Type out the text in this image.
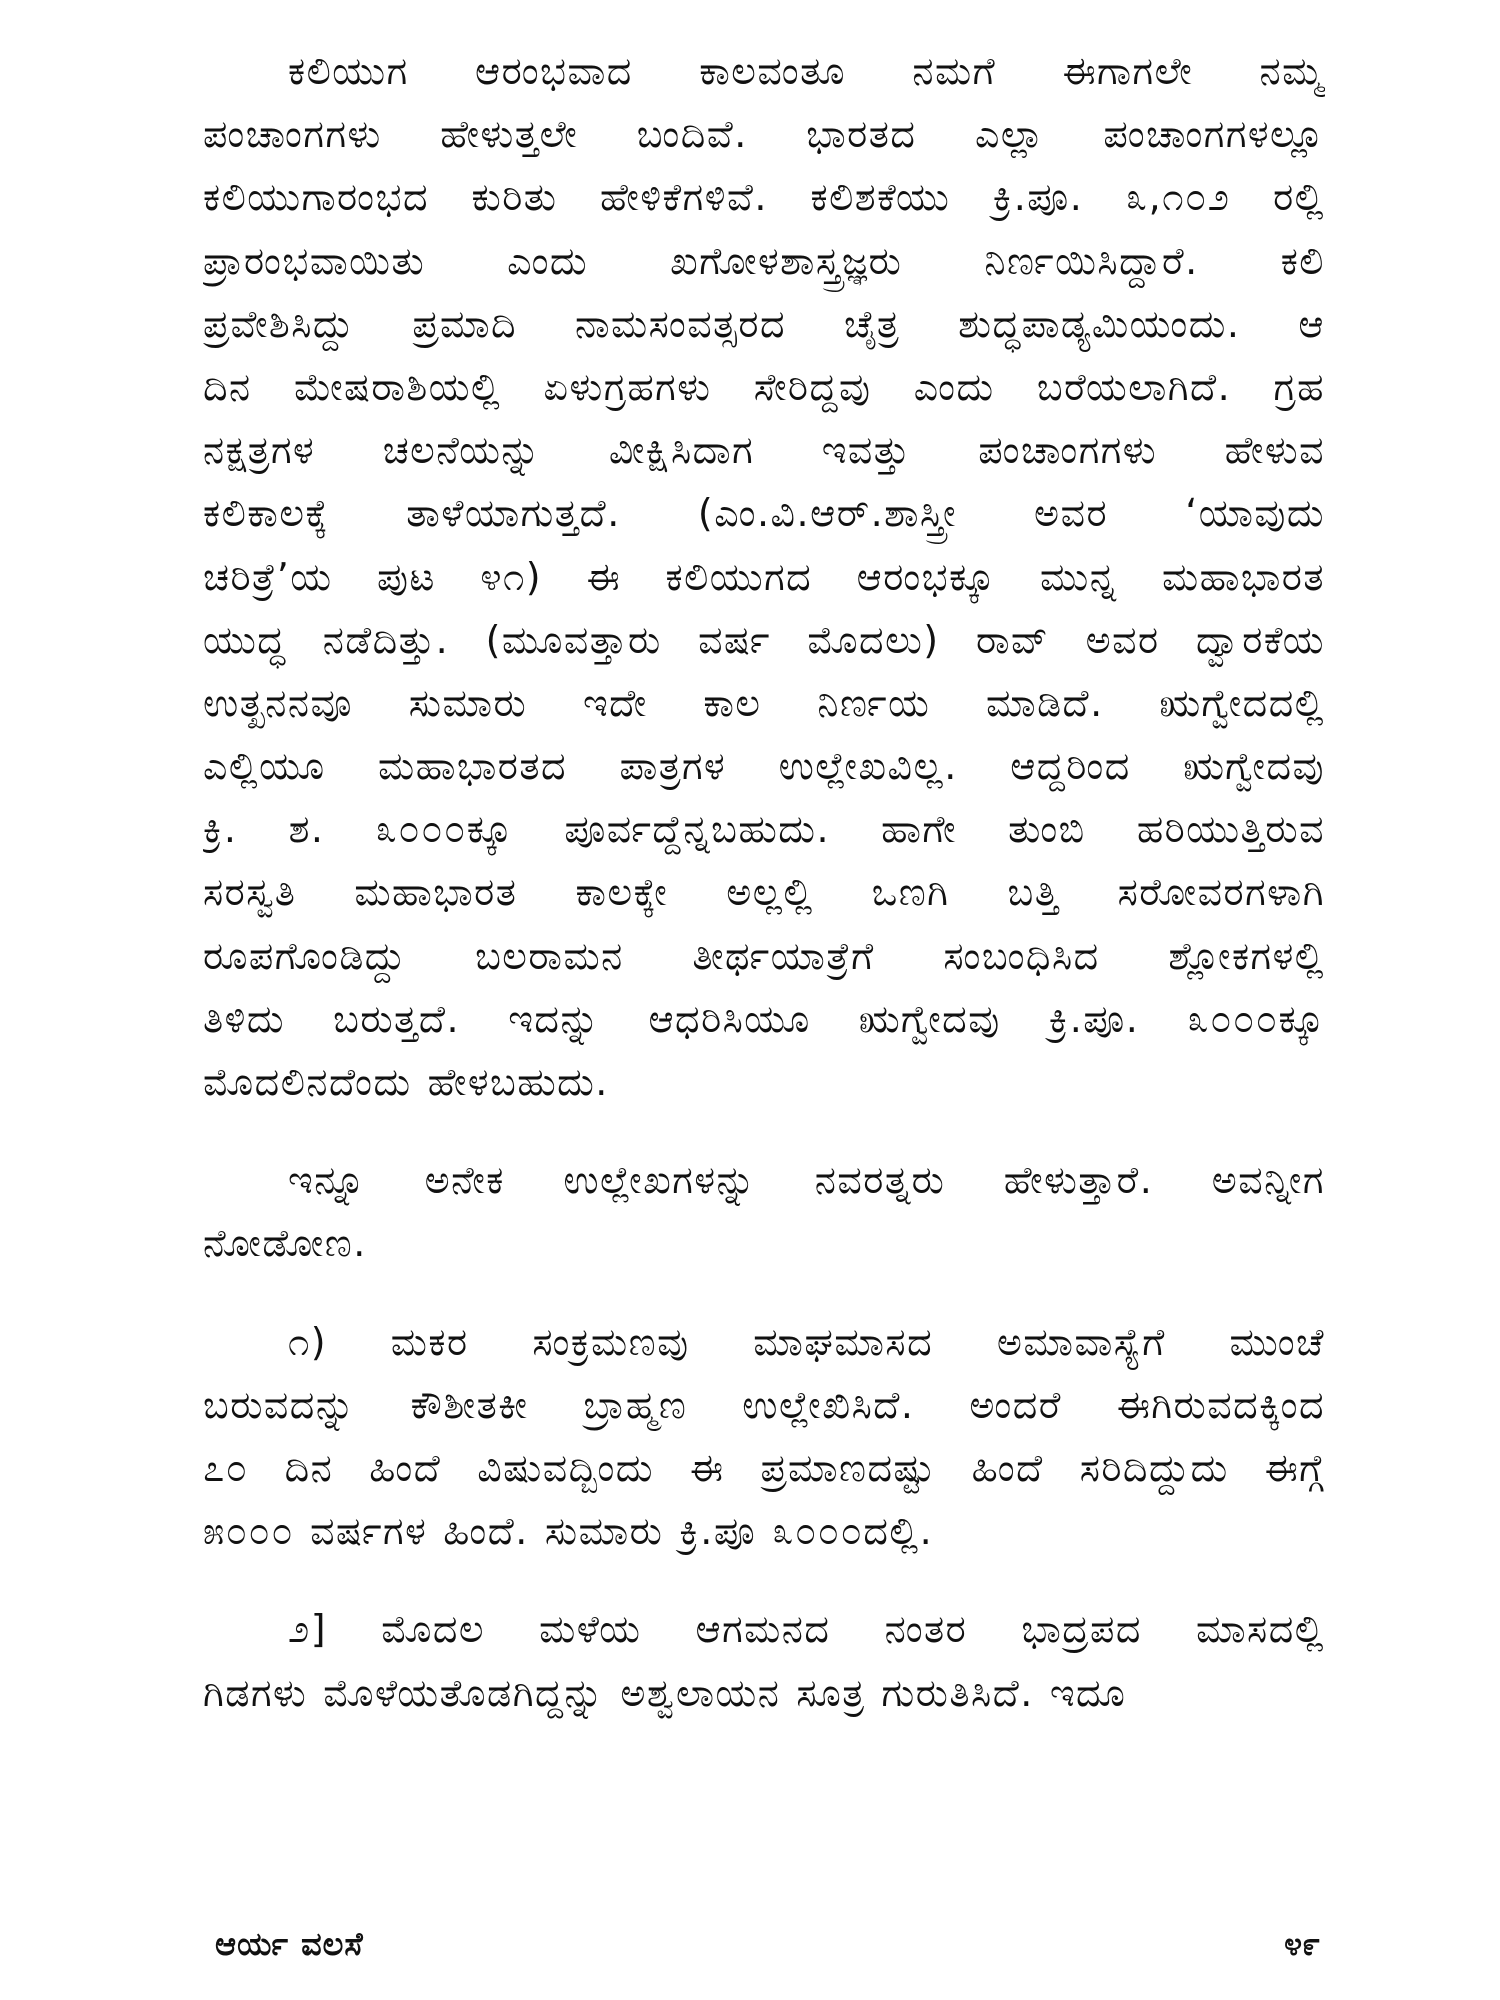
ಕಲಿಯುಗ ಆರಂಭವಾದ ಕಾಲವಂತೂ ನಮಗೆ ಈಗಾಗಲೇ ನಮ್ಮ
ಪಂಚಾಂಗಗಳು ಹೇಳುತ್ತಲೇ ಬಂದಿವೆ. ಭಾರತದ ಎಲ್ಲಾ ಪಂಚಾಂಗಗಳಲ್ಲೂ
ಕಲಿಯುಗಾರಂಭದ ಕುರಿತು ಹೇಳಿಕೆಗಳಿವೆ. ಕಲಿಶಕೆಯು ಕ್ರಿ.ಪೂ. ೩,೧೦೨ ರಲ್ಲಿ
ಪ್ರಾರಂಭವಾಯಿತು ಎಂದು ಖಗೋಳಶಾಸ್ತ್ರಜ್ಞರು ನಿರ್ಣಯಿಸಿದ್ದಾರೆ. ಕಲಿ
ಪ್ರವೇಶಿಸಿದ್ದು ಪ್ರಮಾದಿ ನಾಮಸಂವತ್ಸರದ ಚೈತ್ರ ಶುದ್ಧಪಾಡ್ಯಮಿಯಂದು. ಆ
ದಿನ ಮೇಷರಾಶಿಯಲ್ಲಿ ಏಳುಗ್ರಹಗಳು ಸೇರಿದ್ದವು ಎಂದು ಬರೆಯಲಾಗಿದೆ. ಗ್ರಹ
ನಕ್ಷತ್ರಗಳ ಚಲನೆಯನ್ನು ವೀಕ್ಷಿಸಿದಾಗ ಇವತ್ತು ಪಂಚಾಂಗಗಳು ಹೇಳುವ
ಕಲಿಕಾಲಕ್ಕೆ ತಾಳೆಯಾಗುತ್ತದೆ. (ಎಂ.ವಿ.ಆರ್.ಶಾಸ್ತ್ರೀ ಅವರ ‘ಯಾವುದು
ಚರಿತ್ರೆ’ಯ ಪುಟ ೪೧) ಈ ಕಲಿಯುಗದ ಆರಂಭಕ್ಕೂ ಮುನ್ನ ಮಹಾಭಾರತ
ಯುದ್ಧ ನಡೆದಿತ್ತು. (ಮೂವತ್ತಾರು ವರ್ಷ ಮೊದಲು) ರಾವ್ ಅವರ ದ್ವಾರಕೆಯ
ಉತ್ಖನನವೂ ಸುಮಾರು ಇದೇ ಕಾಲ ನಿರ್ಣಯ ಮಾಡಿದೆ. ಋಗ್ವೇದದಲ್ಲಿ
ಎಲ್ಲಿಯೂ ಮಹಾಭಾರತದ ಪಾತ್ರಗಳ ಉಲ್ಲೇಖವಿಲ್ಲ. ಆದ್ದರಿಂದ ಋಗ್ವೇದವು
ಕ್ರಿ. ಶ. ೩೦೦೦ಕ್ಕೂ ಪೂರ್ವದ್ದೆನ್ನಬಹುದು. ಹಾಗೇ ತುಂಬಿ ಹರಿಯುತ್ತಿರುವ
ಸರಸ್ವತಿ ಮಹಾಭಾರತ ಕಾಲಕ್ಕೇ ಅಲ್ಲಲ್ಲಿ ಒಣಗಿ ಬತ್ತಿ ಸರೋವರಗಳಾಗಿ
ರೂಪಗೊಂಡಿದ್ದು ಬಲರಾಮನ ತೀರ್ಥಯಾತ್ರೆಗೆ ಸಂಬಂಧಿಸಿದ ಶ್ಲೋಕಗಳಲ್ಲಿ
ತಿಳಿದು ಬರುತ್ತದೆ. ಇದನ್ನು ಆಧರಿಸಿಯೂ ಋಗ್ವೇದವು ಕ್ರಿ.ಪೂ. ೩೦೦೦ಕ್ಕೂ
ಮೊದಲಿನದೆಂದು ಹೇಳಬಹುದು.
ಇನ್ನೂ ಅನೇಕ ಉಲ್ಲೇಖಗಳನ್ನು ನವರತ್ನರು ಹೇಳುತ್ತಾರೆ. ಅವನ್ನೀಗ
ನೋಡೋಣ.
೧) ಮಕರ ಸಂಕ್ರಮಣವು ಮಾಘಮಾಸದ ಅಮಾವಾಸ್ಯೆಗೆ ಮುಂಚೆ
ಬರುವದನ್ನು ಕೌಶೀತಕೀ ಬ್ರಾಹ್ಮಣ ಉಲ್ಲೇಖಿಸಿದೆ. ಅಂದರೆ ಈಗಿರುವದಕ್ಕಿಂದ
೭೦ ದಿನ ಹಿಂದೆ ವಿಷುವದ್ಬಿಂದು ಈ ಪ್ರಮಾಣದಷ್ಟು ಹಿಂದೆ ಸರಿದಿದ್ದುದು ಈಗ್ಗೆ
೫೦೦೦ ವರ್ಷಗಳ ಹಿಂದೆ. ಸುಮಾರು ಕ್ರಿ.ಪೂ ೩೦೦೦ದಲ್ಲಿ.
೨] ಮೊದಲ ಮಳೆಯ ಆಗಮನದ ನಂತರ ಭಾದ್ರಪದ ಮಾಸದಲ್ಲಿ
ಗಿಡಗಳು ಮೊಳೆಯತೊಡಗಿದ್ದನ್ನು ಅಶ್ವಲಾಯನ ಸೂತ್ರ ಗುರುತಿಸಿದೆ. ಇದೂ
ಆರ್ಯ ವಲಸೆ	೪೯
